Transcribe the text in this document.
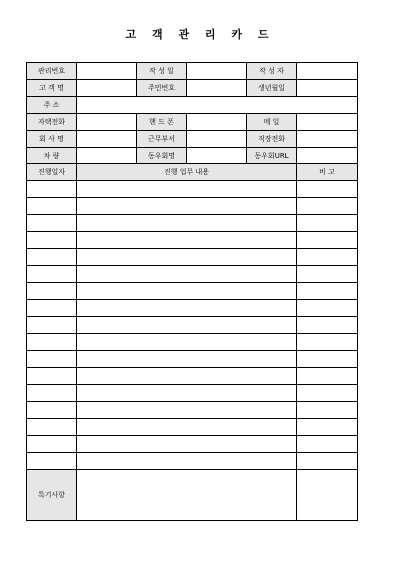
고 객 관 리 카 드
관리번호		작 성 일		작 성 자	
고 객 명		주민번호		생년월일	
주 소					
자택전화		핸 드 폰		메 일	
회 사 명		근무부서		직장전화	
차 량		동우회명		동우회URL	
진행일자	진행 업무 내용	비 고

특기사항		
